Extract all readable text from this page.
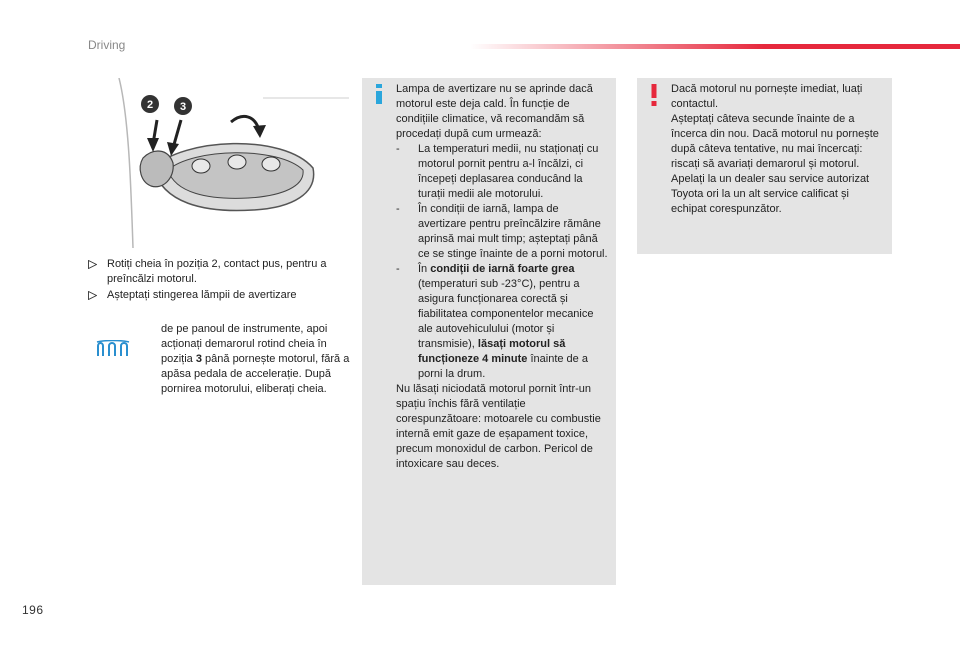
Driving
2 3
Rotiți cheia în poziția 2, contact pus, pentru a preîncălzi motorul.
Așteptați stingerea lămpii de avertizare
de pe panoul de instrumente, apoi acționați demarorul rotind cheia în poziția 3 până pornește motorul, fără a apăsa pedala de accelerație. După pornirea motorului, eliberați cheia.

Lampa de avertizare nu se aprinde dacă motorul este deja cald. În funcție de condițiile climatice, vă recomandăm să procedați după cum urmează:

- La temperaturi medii, nu staționați cu motorul pornit pentru a-l încălzi, ci începeți deplasarea conducând la turații medii ale motorului.

- În condiții de iarnă, lampa de avertizare pentru preîncălzire rămâne aprinsă mai mult timp; așteptați până ce se stinge înainte de a porni motorul.

- În condiții de iarnă foarte grea (temperaturi sub -23°C), pentru a asigura funcționarea corectă și fiabilitatea componentelor mecanice ale autovehiculului (motor și transmisie), lăsați motorul să funcționeze 4 minute înainte de a porni la drum.

Nu lăsați niciodată motorul pornit într-un spațiu închis fără ventilație corespunzătoare: motoarele cu combustie internă emit gaze de eșapament toxice, precum monoxidul de carbon. Pericol de intoxicare sau deces.

Dacă motorul nu pornește imediat, luați contactul.

Așteptați câteva secunde înainte de a încerca din nou. Dacă motorul nu pornește după câteva tentative, nu mai încercați: riscați să avariați demarorul și motorul.

Apelați la un dealer sau service autorizat Toyota ori la un alt service calificat și echipat corespunzător.

196
